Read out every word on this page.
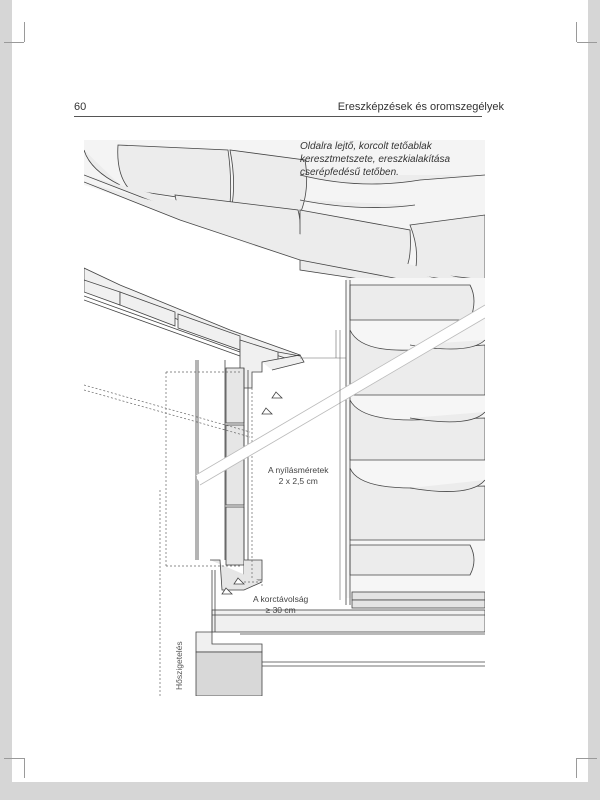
60	Ereszképzések és oromszegélyek
Oldalra lejtő, korcolt tetőablak
keresztmetszete, ereszkialakítása
cserépfedésű tetőben.
A nyílásméretek
2 x 2,5 cm
A korctávolság
≥ 30 cm
Hőszigetelés
